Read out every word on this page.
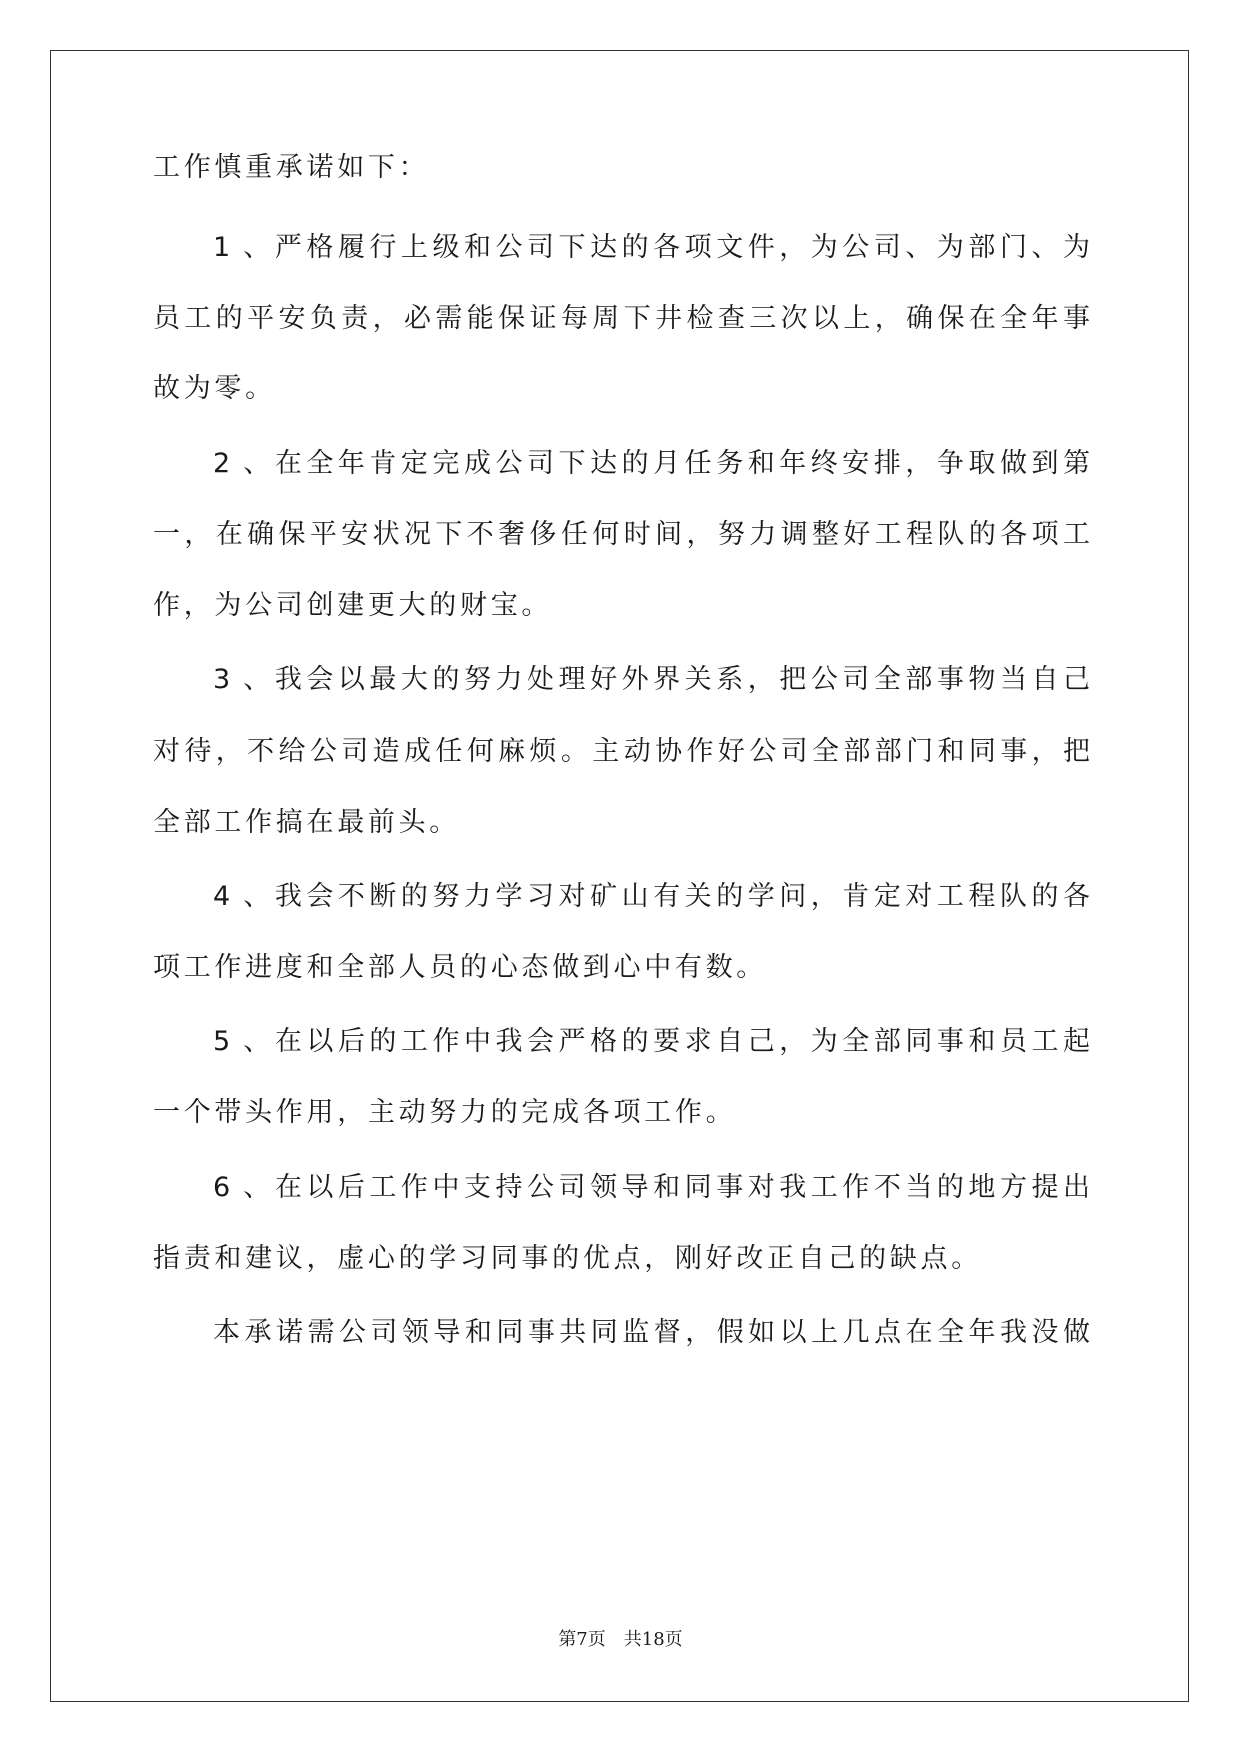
工作慎重承诺如下：
1 、严格履行上级和公司下达的各项文件，为公司、为部门、为
员工的平安负责，必需能保证每周下井检查三次以上，确保在全年事
故为零。
2 、在全年肯定完成公司下达的月任务和年终安排，争取做到第
一，在确保平安状况下不奢侈任何时间，努力调整好工程队的各项工
作，为公司创建更大的财宝。
3 、我会以最大的努力处理好外界关系，把公司全部事物当自己
对待，不给公司造成任何麻烦。主动协作好公司全部部门和同事，把
全部工作搞在最前头。
4 、我会不断的努力学习对矿山有关的学问，肯定对工程队的各
项工作进度和全部人员的心态做到心中有数。
5 、在以后的工作中我会严格的要求自己，为全部同事和员工起
一个带头作用，主动努力的完成各项工作。
6 、在以后工作中支持公司领导和同事对我工作不当的地方提出
指责和建议，虚心的学习同事的优点，刚好改正自己的缺点。
本承诺需公司领导和同事共同监督，假如以上几点在全年我没做
第7页　共18页
